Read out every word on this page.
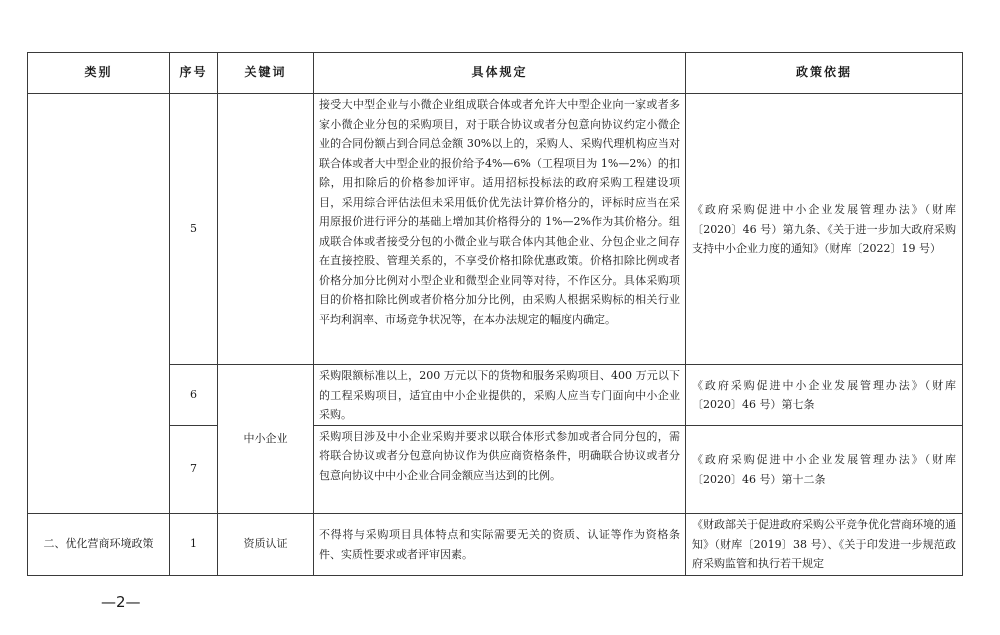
类别	序号	关键词	具体规定	政策依据
	5		接受大中型企业与小微企业组成联合体或者允许大中型企业向一家或者多家小微企业分包的采购项目，对于联合协议或者分包意向协议约定小微企业的合同份额占到合同总金额 30%以上的，采购人、采购代理机构应当对联合体或者大中型企业的报价给予4%—6%（工程项目为 1%—2%）的扣除，用扣除后的价格参加评审。适用招标投标法的政府采购工程建设项目，采用综合评估法但未采用低价优先法计算价格分的，评标时应当在采用原报价进行评分的基础上增加其价格得分的 1%—2%作为其价格分。组成联合体或者接受分包的小微企业与联合体内其他企业、分包企业之间存在直接控股、管理关系的，不享受价格扣除优惠政策。价格扣除比例或者价格分加分比例对小型企业和微型企业同等对待，不作区分。具体采购项目的价格扣除比例或者价格分加分比例，由采购人根据采购标的相关行业平均利润率、市场竞争状况等，在本办法规定的幅度内确定。	《政府采购促进中小企业发展管理办法》（财库〔2020〕46 号）第九条、《关于进一步加大政府采购支持中小企业力度的通知》（财库〔2022〕19 号）
	6	中小企业	采购限额标准以上，200 万元以下的货物和服务采购项目、400 万元以下的工程采购项目，适宜由中小企业提供的，采购人应当专门面向中小企业采购。	《政府采购促进中小企业发展管理办法》（财库〔2020〕46 号）第七条
	7		采购项目涉及中小企业采购并要求以联合体形式参加或者合同分包的，需将联合协议或者分包意向协议作为供应商资格条件，明确联合协议或者分包意向协议中中小企业合同金额应当达到的比例。	《政府采购促进中小企业发展管理办法》（财库〔2020〕46 号）第十二条
二、优化营商环境政策	1	资质认证	不得将与采购项目具体特点和实际需要无关的资质、认证等作为资格条件、实质性要求或者评审因素。	《财政部关于促进政府采购公平竞争优化营商环境的通知》（财库〔2019〕38 号）、《关于印发进一步规范政府采购监管和执行若干规定
—2—
